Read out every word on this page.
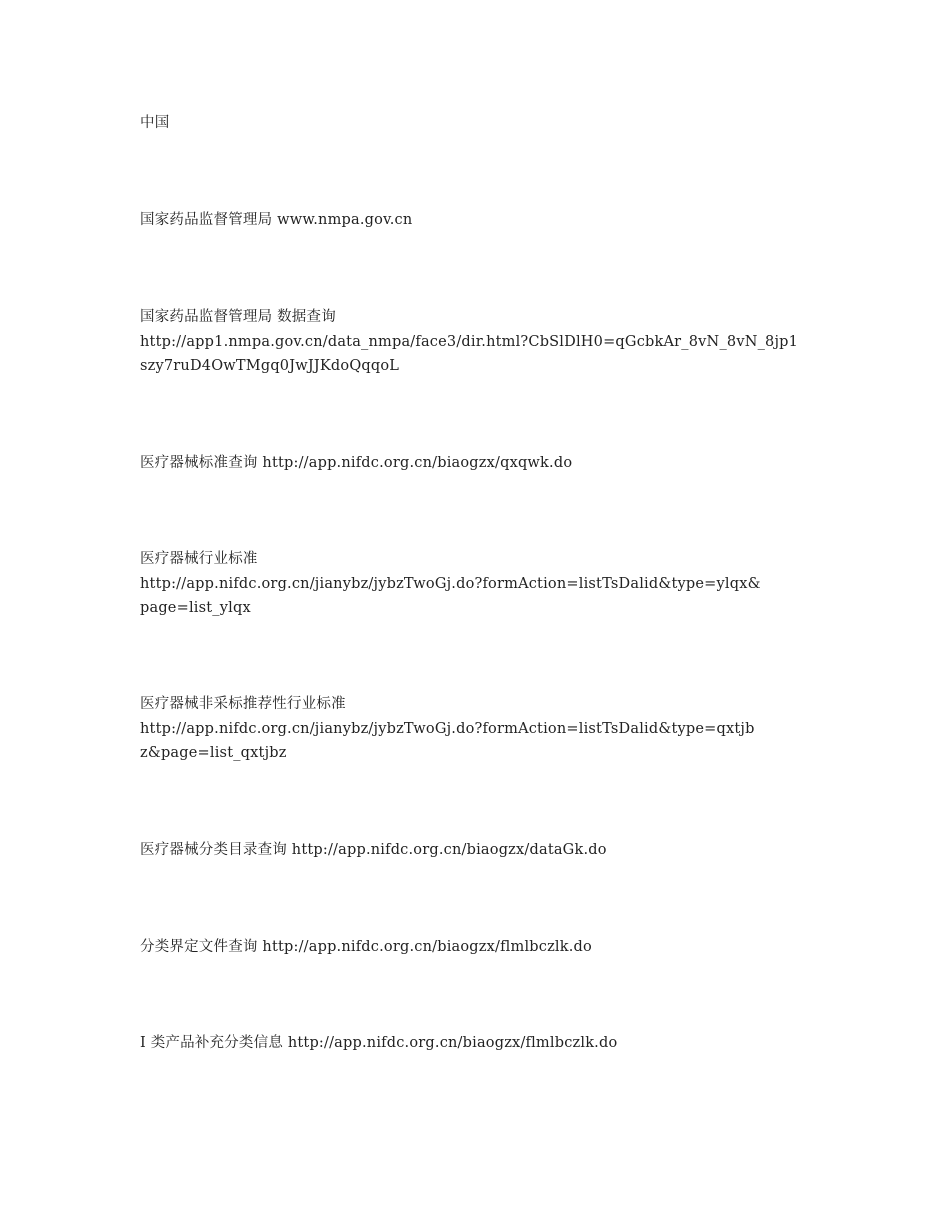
中国

国家药品监督管理局 www.nmpa.gov.cn

国家药品监督管理局 数据查询

http://app1.nmpa.gov.cn/data_nmpa/face3/dir.html?CbSlDlH0=qGcbkAr_8vN_8vN_8jp1

szy7ruD4OwTMgq0JwJJKdoQqqoL

医疗器械标准查询 http://app.nifdc.org.cn/biaogzx/qxqwk.do

医疗器械行业标准

http://app.nifdc.org.cn/jianybz/jybzTwoGj.do?formAction=listTsDalid&type=ylqx&

page=list_ylqx

医疗器械非采标推荐性行业标准

http://app.nifdc.org.cn/jianybz/jybzTwoGj.do?formAction=listTsDalid&type=qxtjb

z&page=list_qxtjbz

医疗器械分类目录查询 http://app.nifdc.org.cn/biaogzx/dataGk.do

分类界定文件查询 http://app.nifdc.org.cn/biaogzx/flmlbczlk.do

I 类产品补充分类信息 http://app.nifdc.org.cn/biaogzx/flmlbczlk.do
